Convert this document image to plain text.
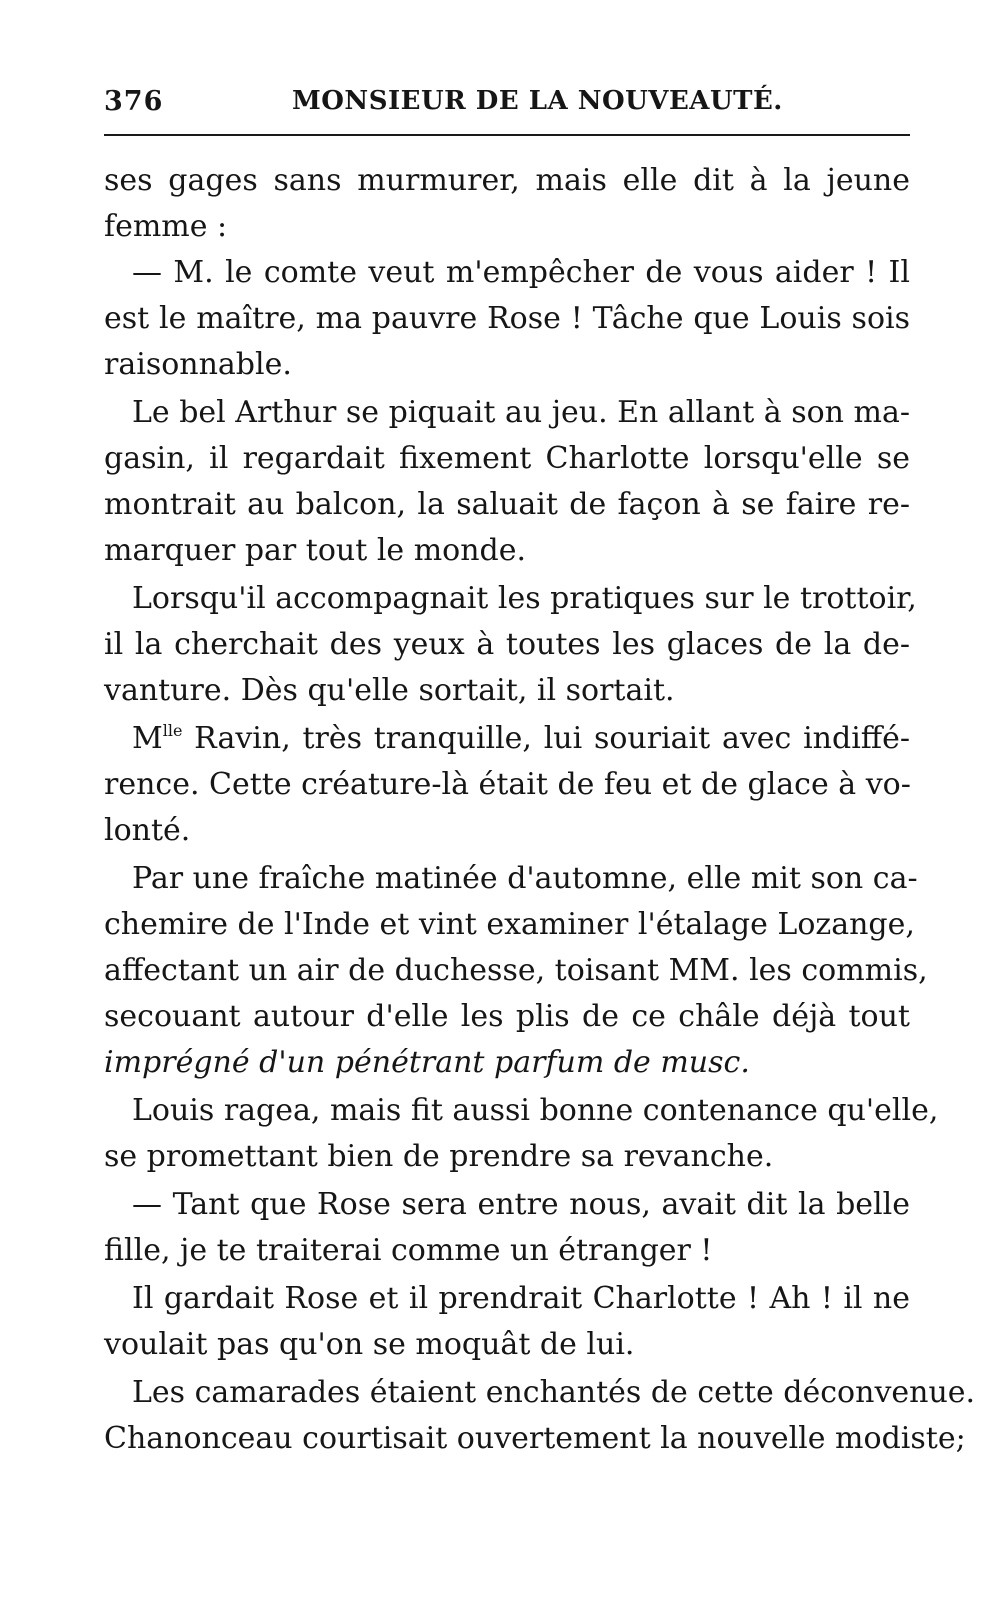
376	MONSIEUR DE LA NOUVEAUTÉ.
ses gages sans murmurer, mais elle dit à la jeune
femme :
— M. le comte veut m'empêcher de vous aider ! Il
est le maître, ma pauvre Rose ! Tâche que Louis sois
raisonnable.
Le bel Arthur se piquait au jeu. En allant à son ma-
gasin, il regardait fixement Charlotte lorsqu'elle se
montrait au balcon, la saluait de façon à se faire re-
marquer par tout le monde.
Lorsqu'il accompagnait les pratiques sur le trottoir,
il la cherchait des yeux à toutes les glaces de la de-
vanture. Dès qu'elle sortait, il sortait.
$M^{lle}$ Ravin, très tranquille, lui souriait avec indiffé-
rence. Cette créature-là était de feu et de glace à vo-
lonté.
Par une fraîche matinée d'automne, elle mit son ca-
chemire de l'Inde et vint examiner l'étalage Lozange,
affectant un air de duchesse, toisant MM. les commis,
secouant autour d'elle les plis de ce châle déjà tout
imprégné d'un pénétrant parfum de musc.
Louis ragea, mais fit aussi bonne contenance qu'elle,
se promettant bien de prendre sa revanche.
— Tant que Rose sera entre nous, avait dit la belle
fille, je te traiterai comme un étranger !
Il gardait Rose et il prendrait Charlotte ! Ah ! il ne
voulait pas qu'on se moquât de lui.
Les camarades étaient enchantés de cette déconvenue.
Chanonceau courtisait ouvertement la nouvelle modiste;
